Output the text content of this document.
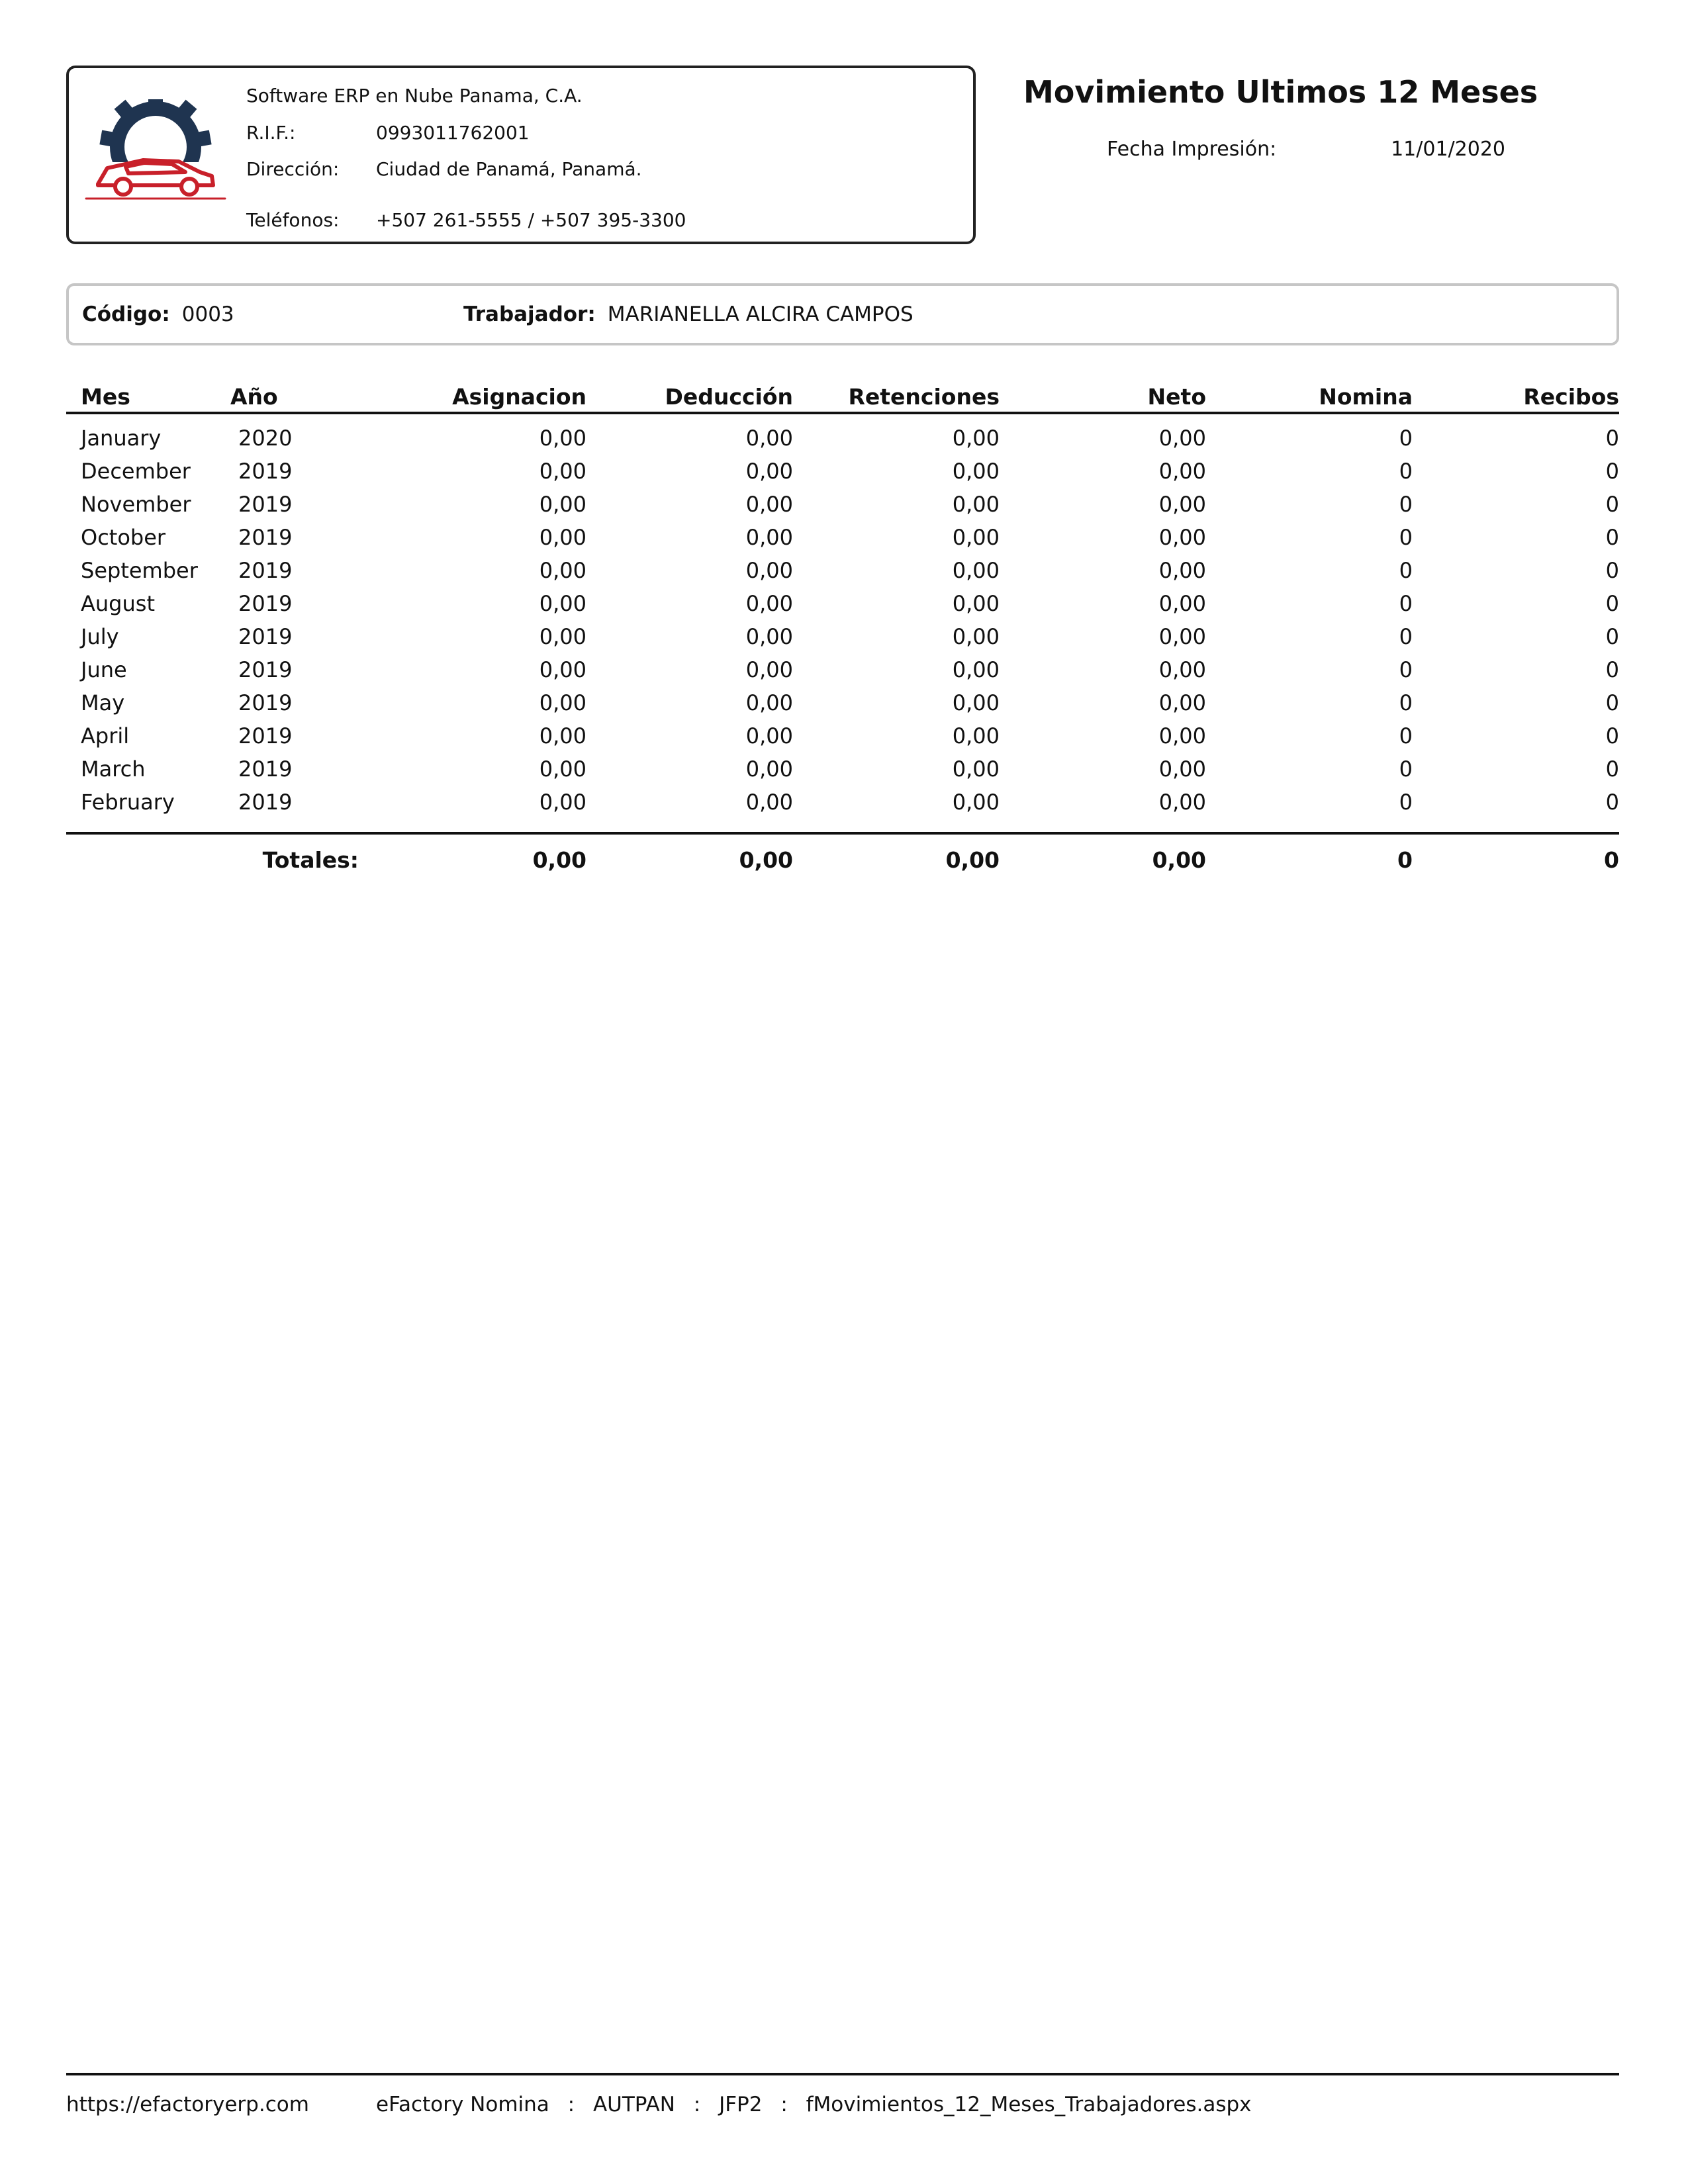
Software ERP en Nube Panama, C.A.
R.I.F.:	0993011762001
Dirección: Ciudad de Panamá, Panamá.
Teléfonos: +507 261-5555 / +507 395-3300
Movimiento Ultimos 12 Meses
Fecha Impresión:	11/01/2020
Código: 0003	Trabajador: MARIANELLA ALCIRA CAMPOS
Mes	Año	Asignacion	Deducción	Retenciones	Neto	Nomina	Recibos
January	2020	0,00	0,00	0,00	0,00	0	0
December 2019	0,00	0,00	0,00	0,00	0	0
November 2019	0,00	0,00	0,00	0,00	0	0
October	2019	0,00	0,00	0,00	0,00	0	0
September 2019	0,00	0,00	0,00	0,00	0	0
August	2019	0,00	0,00	0,00	0,00	0	0
July	2019	0,00	0,00	0,00	0,00	0	0
June	2019	0,00	0,00	0,00	0,00	0	0
May	2019	0,00	0,00	0,00	0,00	0	0
April	2019	0,00	0,00	0,00	0,00	0	0
March	2019	0,00	0,00	0,00	0,00	0	0
February	2019	0,00	0,00	0,00	0,00	0	0
Totales:	0,00	0,00	0,00	0,00	0	0
https://efactoryerp.com	eFactory Nomina : AUTPAN : JFP2 : fMovimientos_12_Meses_Trabajadores.aspx
